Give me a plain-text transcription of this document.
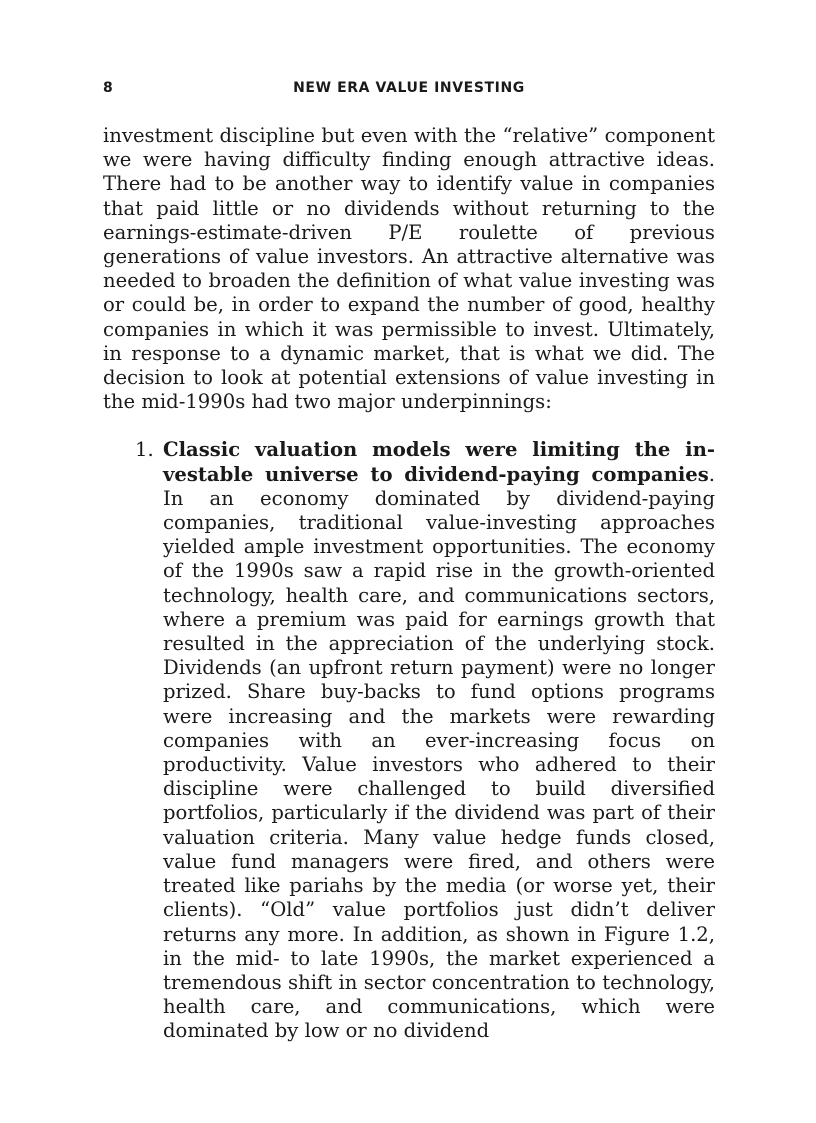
8	NEW ERA VALUE INVESTING

investment discipline but even with the “relative” component we were having difficulty finding enough attractive ideas. There had to be another way to identify value in companies that paid little or no dividends without returning to the earnings-estimate-driven P/E roulette of previous generations of value investors. An attractive alternative was needed to broaden the definition of what value investing was or could be, in order to expand the number of good, healthy companies in which it was permissible to invest. Ultimately, in response to a dynamic market, that is what we did. The decision to look at potential extensions of value investing in the mid-1990s had two major underpinnings:

1. Classic valuation models were limiting the investable universe to dividend-paying companies. In an economy dominated by dividend-paying companies, traditional value-investing approaches yielded ample investment opportunities. The economy of the 1990s saw a rapid rise in the growth-oriented technology, health care, and communications sectors, where a premium was paid for earnings growth that resulted in the appreciation of the underlying stock. Dividends (an upfront return payment) were no longer prized. Share buy-backs to fund options programs were increasing and the markets were rewarding companies with an ever-increasing focus on productivity. Value investors who adhered to their discipline were challenged to build diversified portfolios, particularly if the dividend was part of their valuation criteria. Many value hedge funds closed, value fund managers were fired, and others were treated like pariahs by the media (or worse yet, their clients). “Old” value portfolios just didn’t deliver returns any more. In addition, as shown in Figure 1.2, in the mid- to late 1990s, the market experienced a tremendous shift in sector concentration to technology, health care, and communications, which were dominated by low or no dividend
